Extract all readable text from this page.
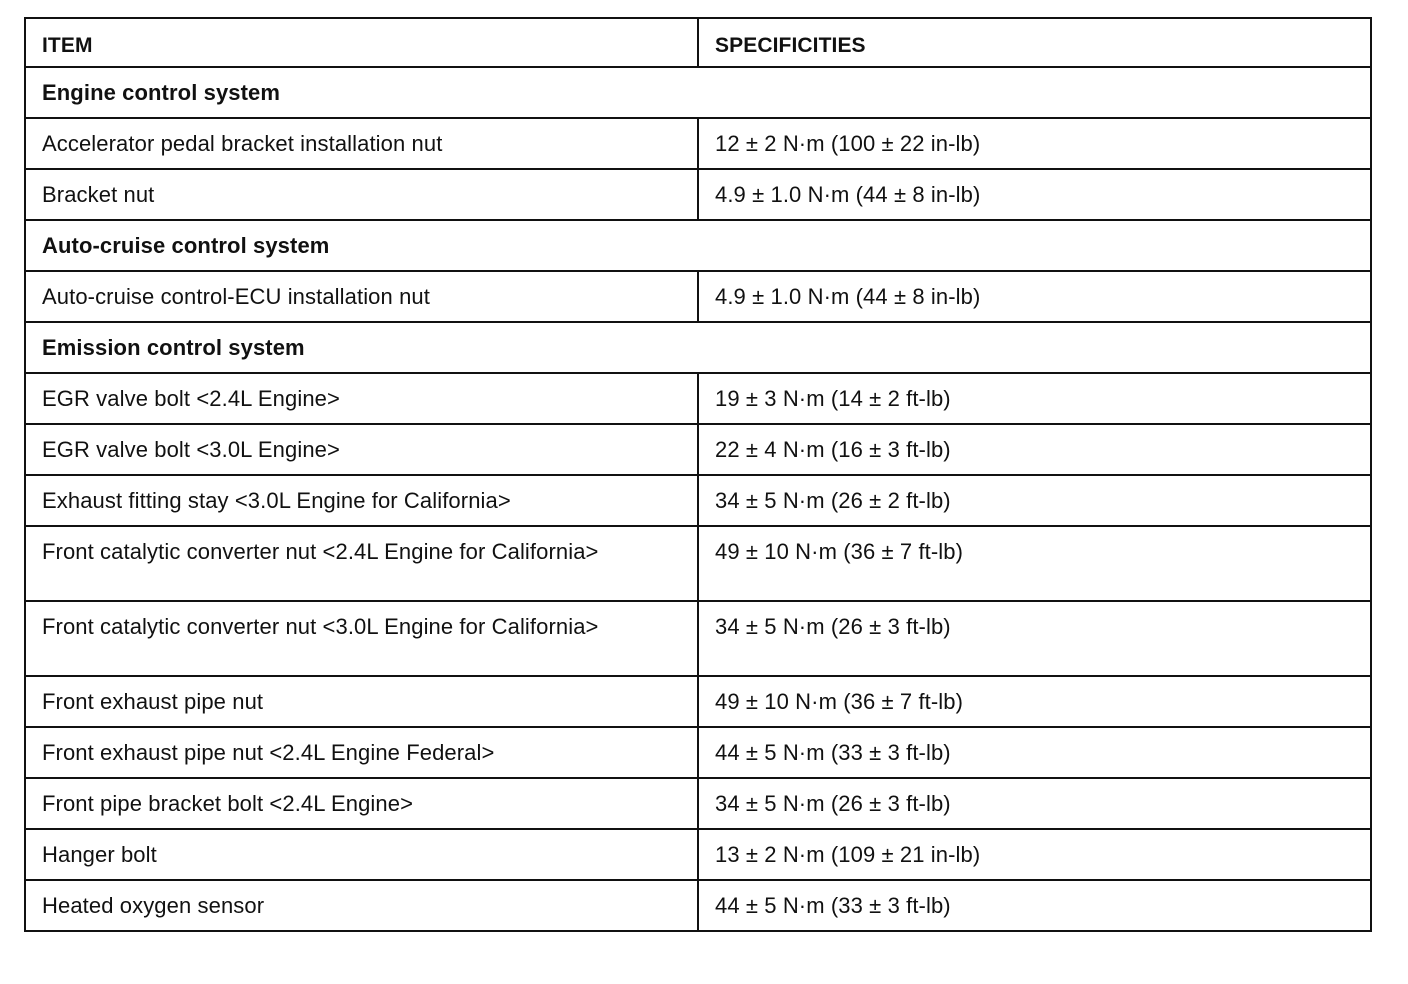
ITEM	SPECIFICITIES
Engine control system	
Accelerator pedal bracket installation nut	12 ± 2 N·m (100 ± 22 in-lb)
Bracket nut	4.9 ± 1.0 N·m (44 ± 8 in-lb)
Auto-cruise control system	
Auto-cruise control-ECU installation nut	4.9 ± 1.0 N·m (44 ± 8 in-lb)
Emission control system	
EGR valve bolt <2.4L Engine>	19 ± 3 N·m (14 ± 2 ft-lb)
EGR valve bolt <3.0L Engine>	22 ± 4 N·m (16 ± 3 ft-lb)
Exhaust fitting stay <3.0L Engine for California>	34 ± 5 N·m (26 ± 2 ft-lb)
Front catalytic converter nut <2.4L Engine for California>	49 ± 10 N·m (36 ± 7 ft-lb)
Front catalytic converter nut <3.0L Engine for California>	34 ± 5 N·m (26 ± 3 ft-lb)
Front exhaust pipe nut	49 ± 10 N·m (36 ± 7 ft-lb)
Front exhaust pipe nut <2.4L Engine Federal>	44 ± 5 N·m (33 ± 3 ft-lb)
Front pipe bracket bolt <2.4L Engine>	34 ± 5 N·m (26 ± 3 ft-lb)
Hanger bolt	13 ± 2 N·m (109 ± 21 in-lb)
Heated oxygen sensor	44 ± 5 N·m (33 ± 3 ft-lb)
